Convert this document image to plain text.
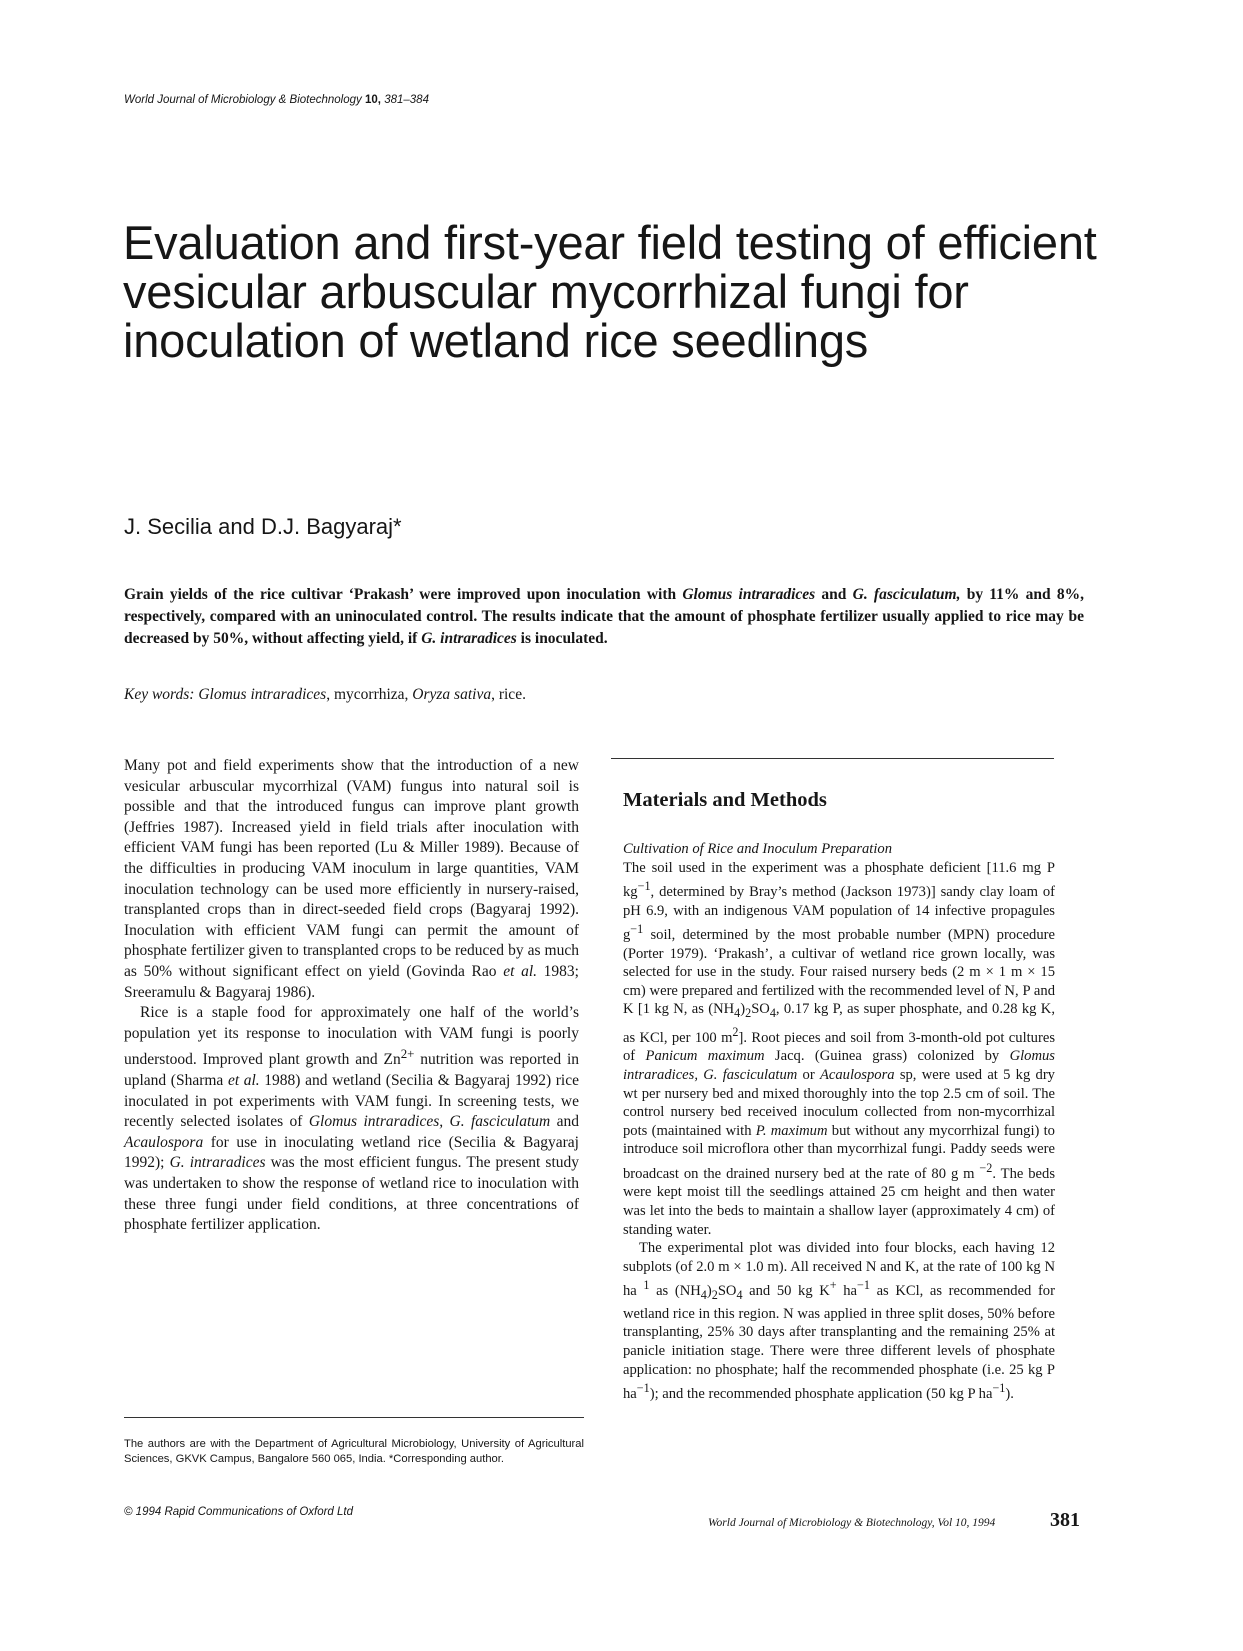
World Journal of Microbiology & Biotechnology 10, 381–384
Evaluation and first-year field testing of efficient vesicular arbuscular mycorrhizal fungi for inoculation of wetland rice seedlings
J. Secilia and D.J. Bagyaraj*
Grain yields of the rice cultivar ‘Prakash’ were improved upon inoculation with Glomus intraradices and G. fasciculatum, by 11% and 8%, respectively, compared with an uninoculated control. The results indicate that the amount of phosphate fertilizer usually applied to rice may be decreased by 50%, without affecting yield, if G. intraradices is inoculated.
Key words: Glomus intraradices, mycorrhiza, Oryza sativa, rice.

Many pot and field experiments show that the introduction of a new vesicular arbuscular mycorrhizal (VAM) fungus into natural soil is possible and that the introduced fungus can improve plant growth (Jeffries 1987). Increased yield in field trials after inoculation with efficient VAM fungi has been reported (Lu & Miller 1989). Because of the difficulties in producing VAM inoculum in large quantities, VAM inoculation technology can be used more efficiently in nursery-raised, transplanted crops than in direct-seeded field crops (Bagyaraj 1992). Inoculation with efficient VAM fungi can permit the amount of phosphate fertilizer given to transplanted crops to be reduced by as much as 50% without significant effect on yield (Govinda Rao et al. 1983; Sreeramulu & Bagyaraj 1986).

Rice is a staple food for approximately one half of the world’s population yet its response to inoculation with VAM fungi is poorly understood. Improved plant growth and $Zn^{2+}$ nutrition was reported in upland (Sharma et al. 1988) and wetland (Secilia & Bagyaraj 1992) rice inoculated in pot experiments with VAM fungi. In screening tests, we recently selected isolates of Glomus intraradices, G. fasciculatum and Acaulospora for use in inoculating wetland rice (Secilia & Bagyaraj 1992); G. intraradices was the most efficient fungus. The present study was undertaken to show the response of wetland rice to inoculation with these three fungi under field conditions, at three concentrations of phosphate fertilizer application.

Materials and Methods

Cultivation of Rice and Inoculum Preparation

The soil used in the experiment was a phosphate deficient [11.6 mg P $kg^{-1}$, determined by Bray’s method (Jackson 1973)] sandy clay loam of pH 6.9, with an indigenous VAM population of 14 infective propagules $g^{-1}$ soil, determined by the most probable number (MPN) procedure (Porter 1979). ‘Prakash’, a cultivar of wetland rice grown locally, was selected for use in the study. Four raised nursery beds (2 m × 1 m × 15 cm) were prepared and fertilized with the recommended level of N, P and K [1 kg N, as $(NH_4)_2SO_4$, 0.17 kg P, as super phosphate, and 0.28 kg K, as KCl, per 100 $m^2$]. Root pieces and soil from 3-month-old pot cultures of Panicum maximum Jacq. (Guinea grass) colonized by Glomus intraradices, G. fasciculatum or Acaulospora sp, were used at 5 kg dry wt per nursery bed and mixed thoroughly into the top 2.5 cm of soil. The control nursery bed received inoculum collected from non-mycorrhizal pots (maintained with P. maximum but without any mycorrhizal fungi) to introduce soil microflora other than mycorrhizal fungi. Paddy seeds were broadcast on the drained nursery bed at the rate of 80 g m $^{-2}$. The beds were kept moist till the seedlings attained 25 cm height and then water was let into the beds to maintain a shallow layer (approximately 4 cm) of standing water.

The experimental plot was divided into four blocks, each having 12 subplots (of 2.0 m × 1.0 m). All received N and K, at the rate of 100 kg N ha $^1$ as $(NH_4)_2SO_4$ and 50 kg K+ $ha^{-1}$ as KCl, as recommended for wetland rice in this region. N was applied in three split doses, 50% before transplanting, 25% 30 days after transplanting and the remaining 25% at panicle initiation stage. There were three different levels of phosphate application: no phosphate; half the recommended phosphate (i.e. 25 kg P $ha^{-1}$); and the recommended phosphate application (50 kg P $ha^{-1}$).

The authors are with the Department of Agricultural Microbiology, University of Agricultural Sciences, GKVK Campus, Bangalore 560 065, India. *Corresponding author.
© 1994 Rapid Communications of Oxford Ltd
World Journal of Microbiology & Biotechnology, Vol 10, 1994	381
